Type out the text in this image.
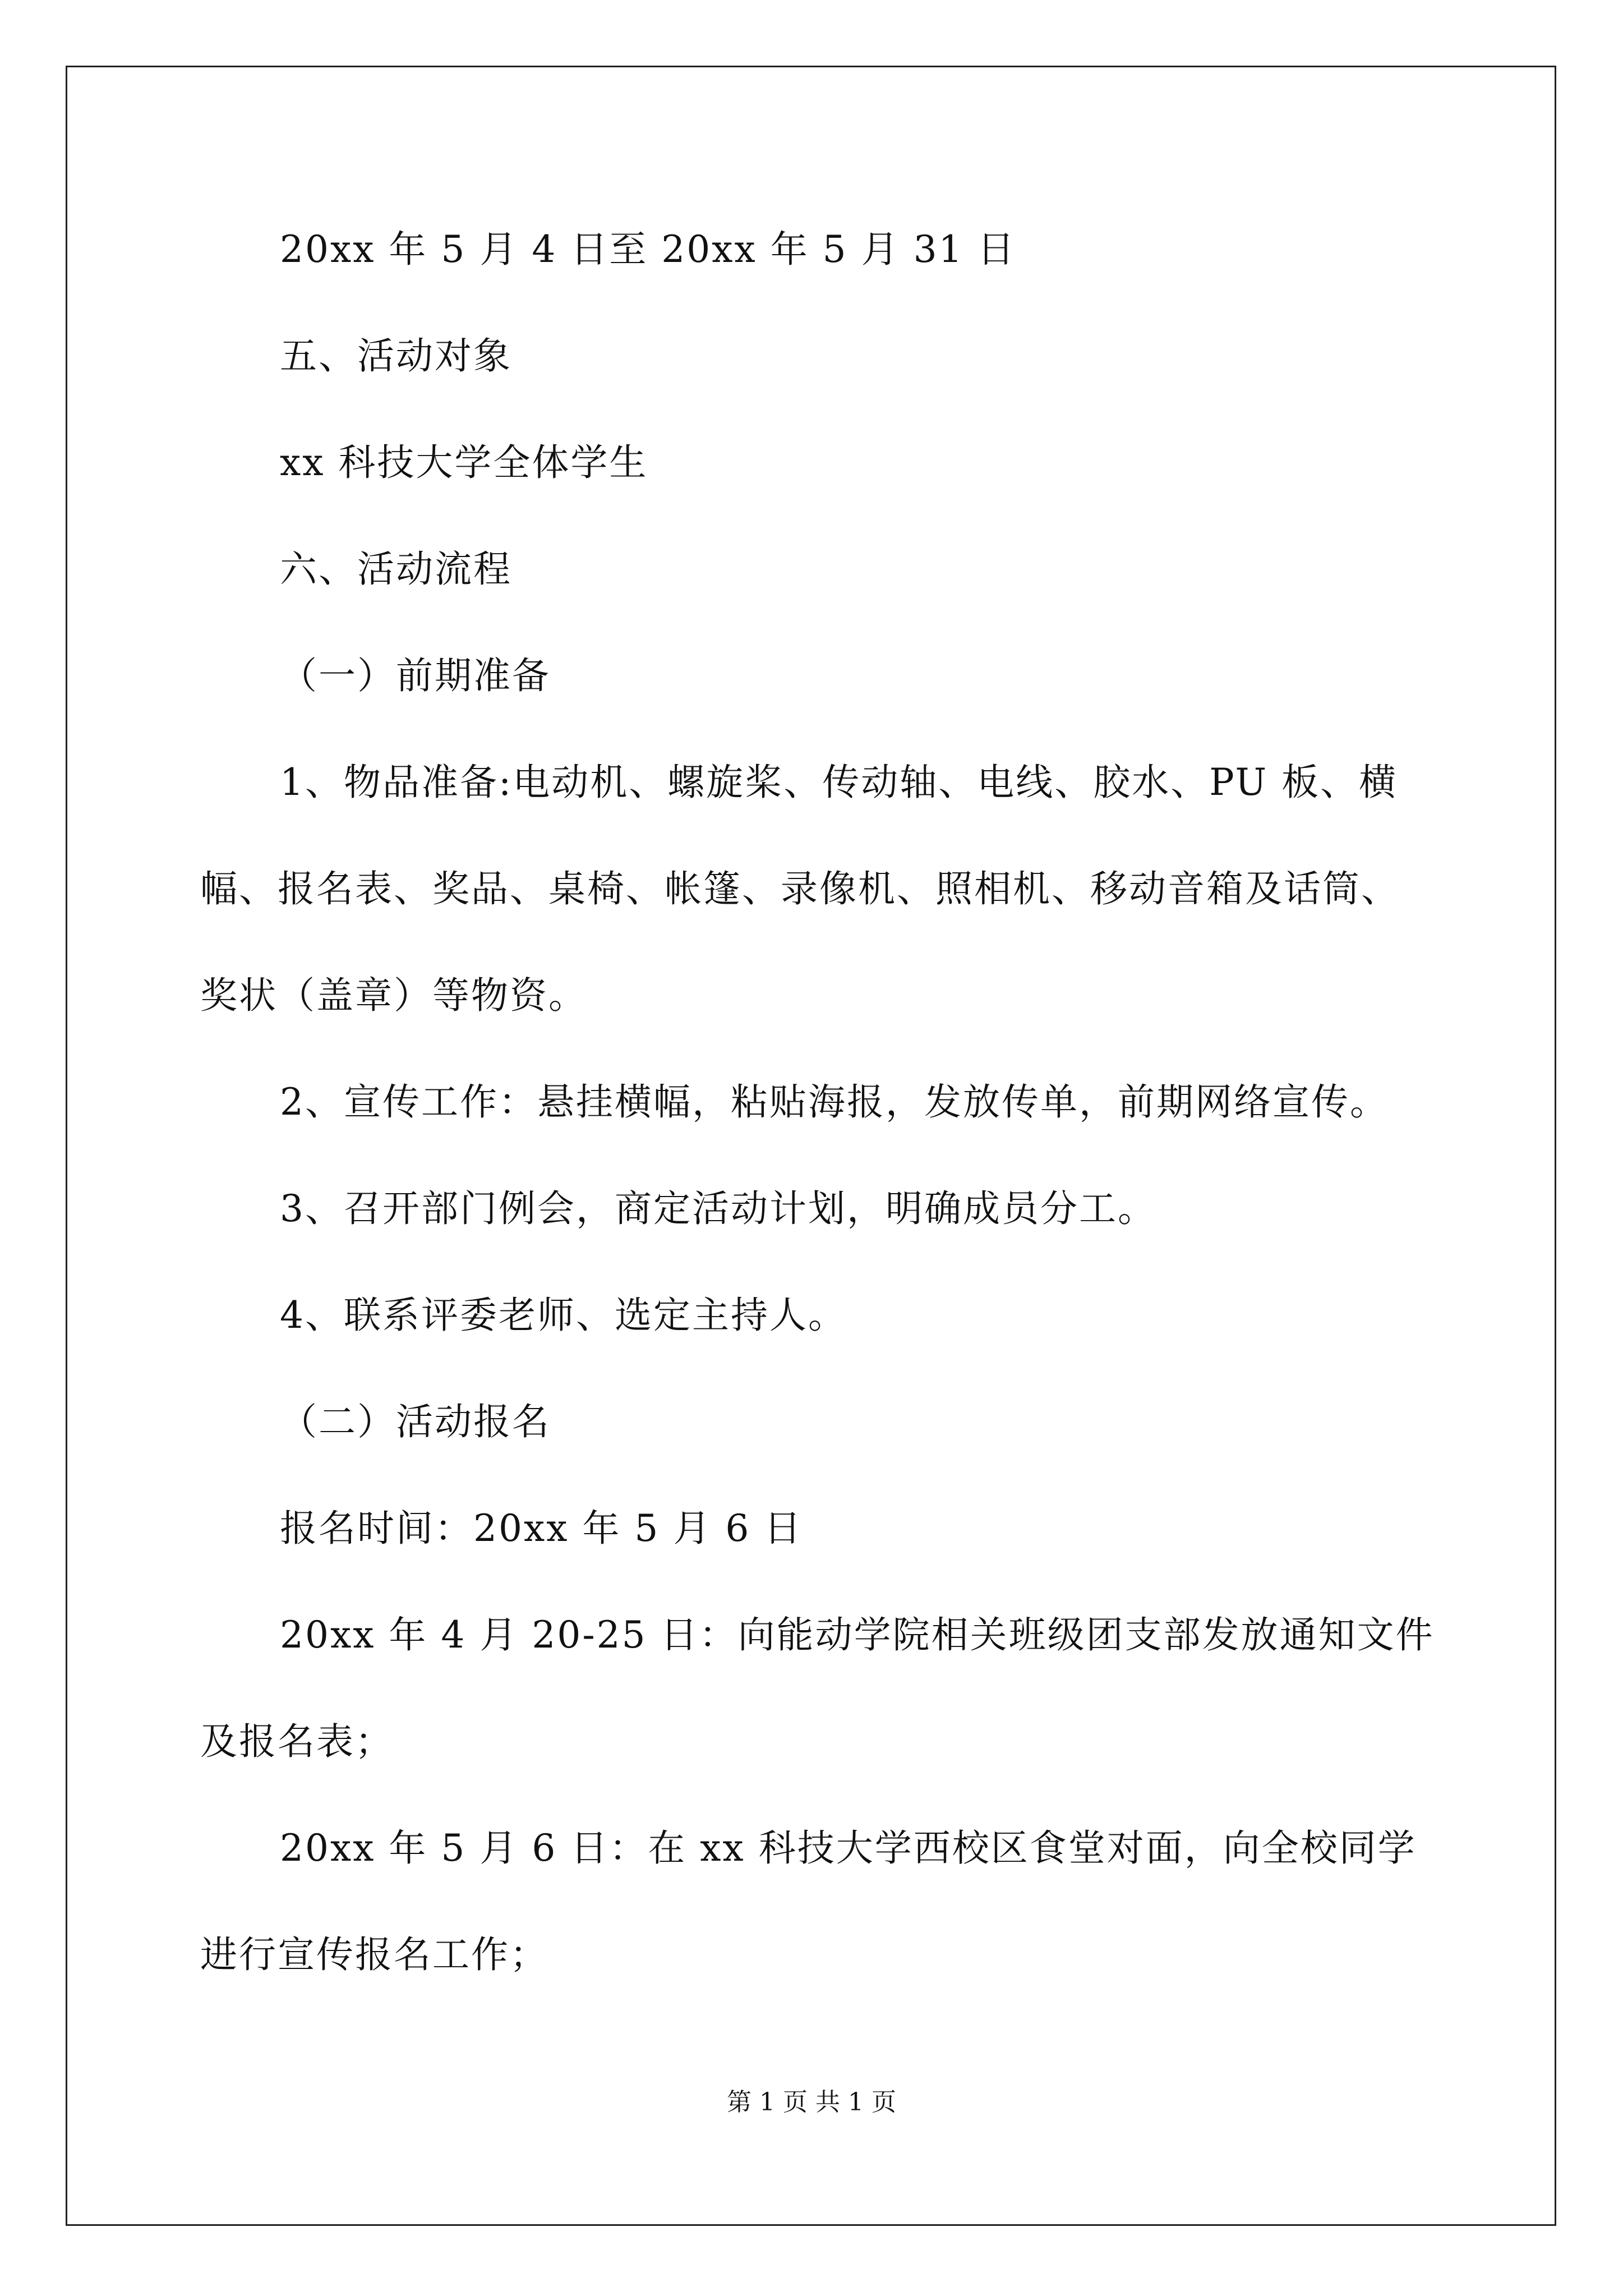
20xx 年 5 月 4 日至 20xx 年 5 月 31 日
五、活动对象
xx 科技大学全体学生
六、活动流程
（一）前期准备
1、物品准备:电动机、螺旋桨、传动轴、电线、胶水、PU 板、横
幅、报名表、奖品、桌椅、帐篷、录像机、照相机、移动音箱及话筒、
奖状（盖章）等物资。
2、宣传工作：悬挂横幅，粘贴海报，发放传单，前期网络宣传。
3、召开部门例会，商定活动计划，明确成员分工。
4、联系评委老师、选定主持人。
（二）活动报名
报名时间：20xx 年 5 月 6 日
20xx 年 4 月 20-25 日：向能动学院相关班级团支部发放通知文件
及报名表；
20xx 年 5 月 6 日：在 xx 科技大学西校区食堂对面，向全校同学
进行宣传报名工作；
第 1 页 共 1 页
